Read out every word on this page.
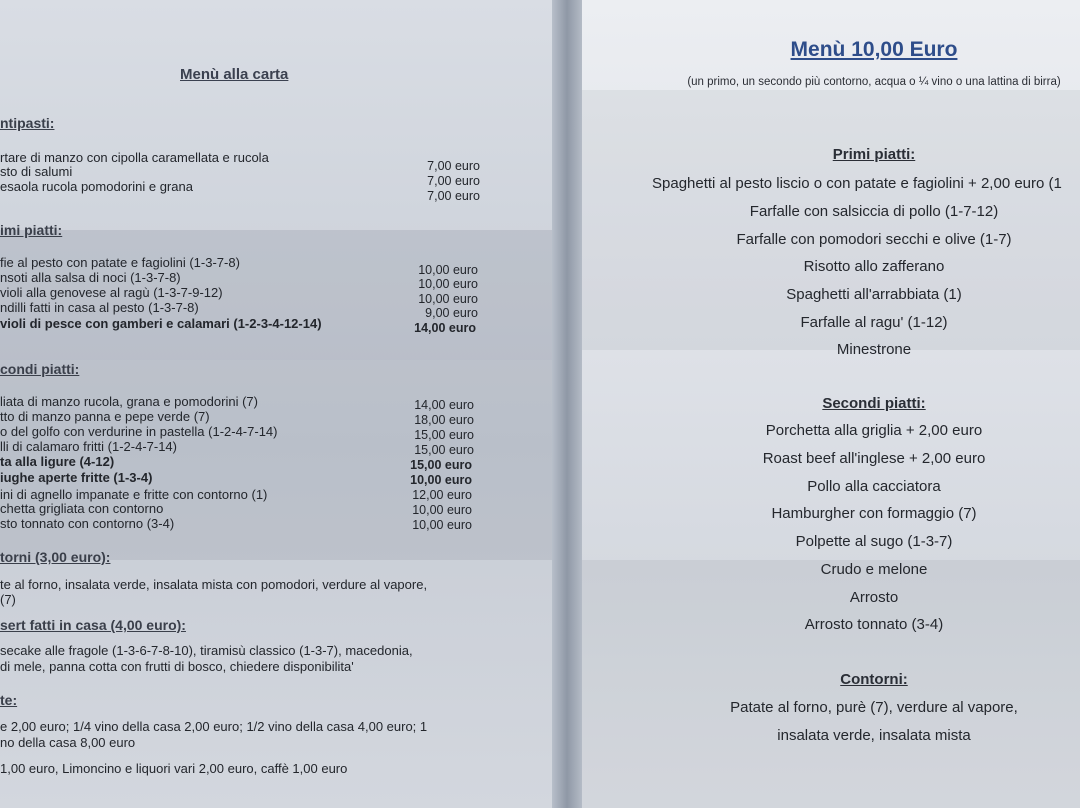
Menù alla carta
ntipasti:
rtare di manzo con cipolla caramellata e rucola
sto di salumi
esaola rucola pomodorini e grana
7,00 euro
7,00 euro
7,00 euro
imi piatti:
fie al pesto con patate e fagiolini (1-3-7-8)
nsoti alla salsa di noci (1-3-7-8)
violi alla genovese al ragù (1-3-7-9-12)
ndilli fatti in casa al pesto (1-3-7-8)
violi di pesce con gamberi e calamari (1-2-3-4-12-14)
10,00 euro
10,00 euro
10,00 euro
9,00 euro
14,00 euro
condi piatti:
liata di manzo rucola, grana e pomodorini (7)
tto di manzo panna e pepe verde (7)
o del golfo con verdurine in pastella (1-2-4-7-14)
lli di calamaro fritti (1-2-4-7-14)
ta alla ligure (4-12)
iughe aperte fritte (1-3-4)
ini di agnello impanate e fritte con contorno (1)
chetta grigliata con contorno
sto tonnato con contorno (3-4)
14,00 euro
18,00 euro
15,00 euro
15,00 euro
15,00 euro
10,00 euro
12,00 euro
10,00 euro
10,00 euro
torni (3,00 euro):
te al forno, insalata verde, insalata mista con pomodori, verdure al vapore,
(7)
sert fatti in casa (4,00 euro):
secake alle fragole (1-3-6-7-8-10), tiramisù classico (1-3-7), macedonia,
di mele, panna cotta con frutti di bosco, chiedere disponibilita'
te:
e 2,00 euro; 1/4 vino della casa 2,00 euro; 1/2 vino della casa 4,00 euro; 1
no della casa 8,00 euro
1,00 euro, Limoncino e liquori vari 2,00 euro, caffè 1,00 euro
Menù 10,00 Euro
(un primo, un secondo più contorno, acqua o ¼ vino o una lattina di birra)
Primi piatti:
Spaghetti al pesto liscio o con patate e fagiolini + 2,00 euro (1
Farfalle con salsiccia di pollo (1-7-12)
Farfalle con pomodori secchi e olive (1-7)
Risotto allo zafferano
Spaghetti all'arrabbiata (1)
Farfalle al ragu' (1-12)
Minestrone
Secondi piatti:
Porchetta alla griglia + 2,00 euro
Roast beef all'inglese + 2,00 euro
Pollo alla cacciatora
Hamburgher con formaggio (7)
Polpette al sugo (1-3-7)
Crudo e melone
Arrosto
Arrosto tonnato (3-4)
Contorni:
Patate al forno, purè (7), verdure al vapore,
insalata verde, insalata mista
